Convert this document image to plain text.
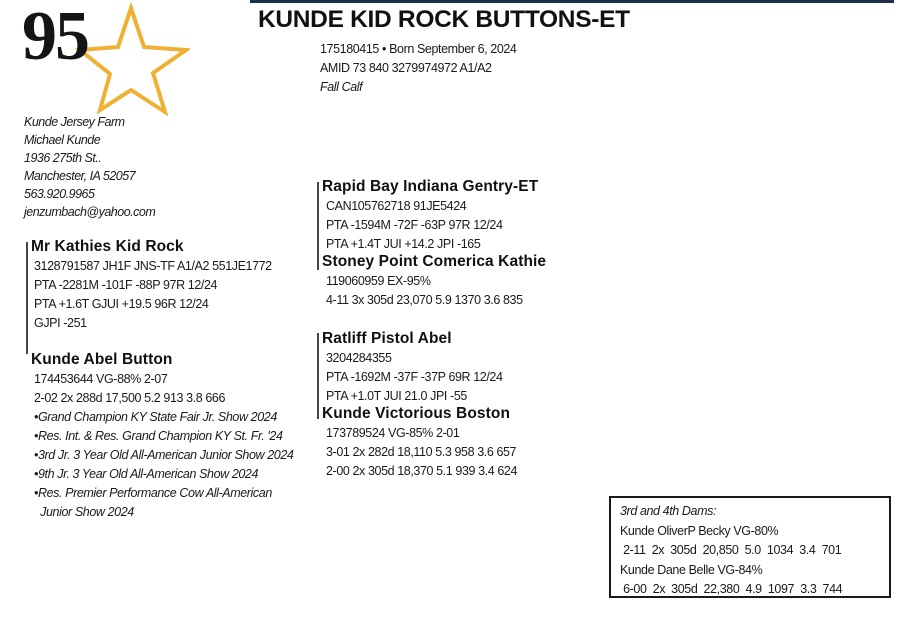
95	KUNDE KID ROCK BUTTONS-ET
175180415 • Born September 6, 2024
AMID 73 840 3279974972 A1/A2
Fall Calf
Kunde Jersey Farm
Michael Kunde
1936 275th St..
Manchester, IA 52057
563.920.9965
jenzumbach@yahoo.com
Mr Kathies Kid Rock
3128791587 JH1F JNS-TF A1/A2 551JE1772
PTA -2281M -101F -88P 97R 12/24
PTA +1.6T GJUI +19.5 96R 12/24
GJPI -251
Kunde Abel Button
174453644 VG-88% 2-07
2-02 2x 288d 17,500 5.2 913 3.8 666
•Grand Champion KY State Fair Jr. Show 2024
•Res. Int. & Res. Grand Champion KY St. Fr. '24
•3rd Jr. 3 Year Old All-American Junior Show 2024
•9th Jr. 3 Year Old All-American Show 2024
•Res. Premier Performance Cow All-American
Junior Show 2024
Rapid Bay Indiana Gentry-ET
CAN105762718 91JE5424
PTA -1594M -72F -63P 97R 12/24
PTA +1.4T JUI +14.2 JPI -165
Stoney Point Comerica Kathie
119060959 EX-95%
4-11 3x 305d 23,070 5.9 1370 3.6 835
Ratliff Pistol Abel
3204284355
PTA -1692M -37F -37P 69R 12/24
PTA +1.0T JUI 21.0 JPI -55
Kunde Victorious Boston
173789524 VG-85% 2-01
3-01 2x 282d 18,110 5.3 958 3.6 657
2-00 2x 305d 18,370 5.1 939 3.4 624
3rd and 4th Dams:
Kunde OliverP Becky VG-80%
2-11  2x  305d  20,850  5.0  1034  3.4  701
Kunde Dane Belle VG-84%
6-00  2x  305d  22,380  4.9  1097  3.3  744
